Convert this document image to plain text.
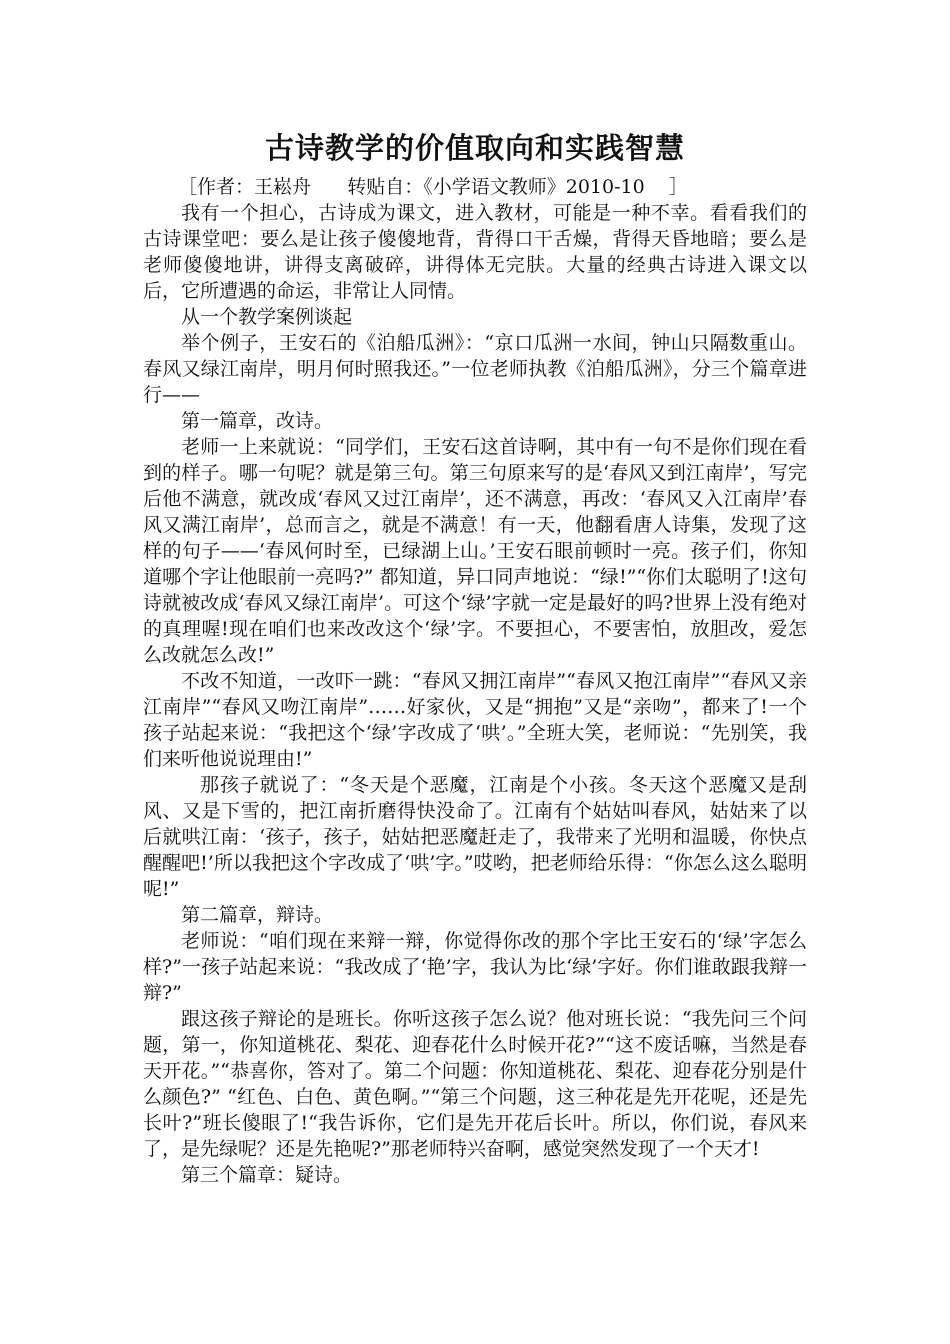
古诗教学的价值取向和实践智慧
［作者：王崧舟      转贴自：《小学语文教师》2010-10    ］

我有一个担心，古诗成为课文，进入教材，可能是一种不幸。看看我们的古诗课堂吧：要么是让孩子傻傻地背，背得口干舌燥，背得天昏地暗；要么是老师傻傻地讲，讲得支离破碎，讲得体无完肤。大量的经典古诗进入课文以后，它所遭遇的命运，非常让人同情。

从一个教学案例谈起

举个例子，王安石的《泊船瓜洲》：“京口瓜洲一水间，钟山只隔数重山。春风又绿江南岸，明月何时照我还。”一位老师执教《泊船瓜洲》，分三个篇章进行——

第一篇章，改诗。

老师一上来就说：“同学们，王安石这首诗啊，其中有一句不是你们现在看到的样子。哪一句呢？就是第三句。第三句原来写的是‘春风又到江南岸’，写完后他不满意，就改成‘春风又过江南岸’，还不满意，再改：‘春风又入江南岸’春风又满江南岸’，总而言之，就是不满意！有一天，他翻看唐人诗集，发现了这样的句子——‘春风何时至，已绿湖上山。’王安石眼前顿时一亮。孩子们，你知道哪个字让他眼前一亮吗?” 都知道，异口同声地说：“绿!”“你们太聪明了!这句诗就被改成‘春风又绿江南岸’。可这个‘绿’字就一定是最好的吗?世界上没有绝对的真理喔!现在咱们也来改改这个‘绿’字。不要担心，不要害怕，放胆改，爱怎么改就怎么改!”

不改不知道，一改吓一跳：“春风又拥江南岸”“春风又抱江南岸”“春风又亲江南岸”“春风又吻江南岸”……好家伙，又是“拥抱”又是“亲吻”，都来了!一个孩子站起来说：“我把这个‘绿’字改成了‘哄’。”全班大笑，老师说：“先别笑，我们来听他说说理由!”

那孩子就说了：“冬天是个恶魔，江南是个小孩。冬天这个恶魔又是刮风、又是下雪的，把江南折磨得快没命了。江南有个姑姑叫春风，姑姑来了以后就哄江南：‘孩子，孩子，姑姑把恶魔赶走了，我带来了光明和温暖，你快点醒醒吧!’所以我把这个字改成了‘哄’字。”哎哟，把老师给乐得：“你怎么这么聪明呢!”

第二篇章，辩诗。

老师说：“咱们现在来辩一辩，你觉得你改的那个字比王安石的‘绿’字怎么样?”一孩子站起来说：“我改成了‘艳’字，我认为比‘绿’字好。你们谁敢跟我辩一辩?”

跟这孩子辩论的是班长。你听这孩子怎么说？他对班长说：“我先问三个问题，第一，你知道桃花、梨花、迎春花什么时候开花?”“这不废话嘛，当然是春天开花。”“恭喜你，答对了。第二个问题：你知道桃花、梨花、迎春花分别是什么颜色?” “红色、白色、黄色啊。”“第三个问题，这三种花是先开花呢，还是先长叶?”班长傻眼了!“我告诉你，它们是先开花后长叶。所以，你们说，春风来了，是先绿呢？还是先艳呢?”那老师特兴奋啊，感觉突然发现了一个天才!

第三个篇章：疑诗。
